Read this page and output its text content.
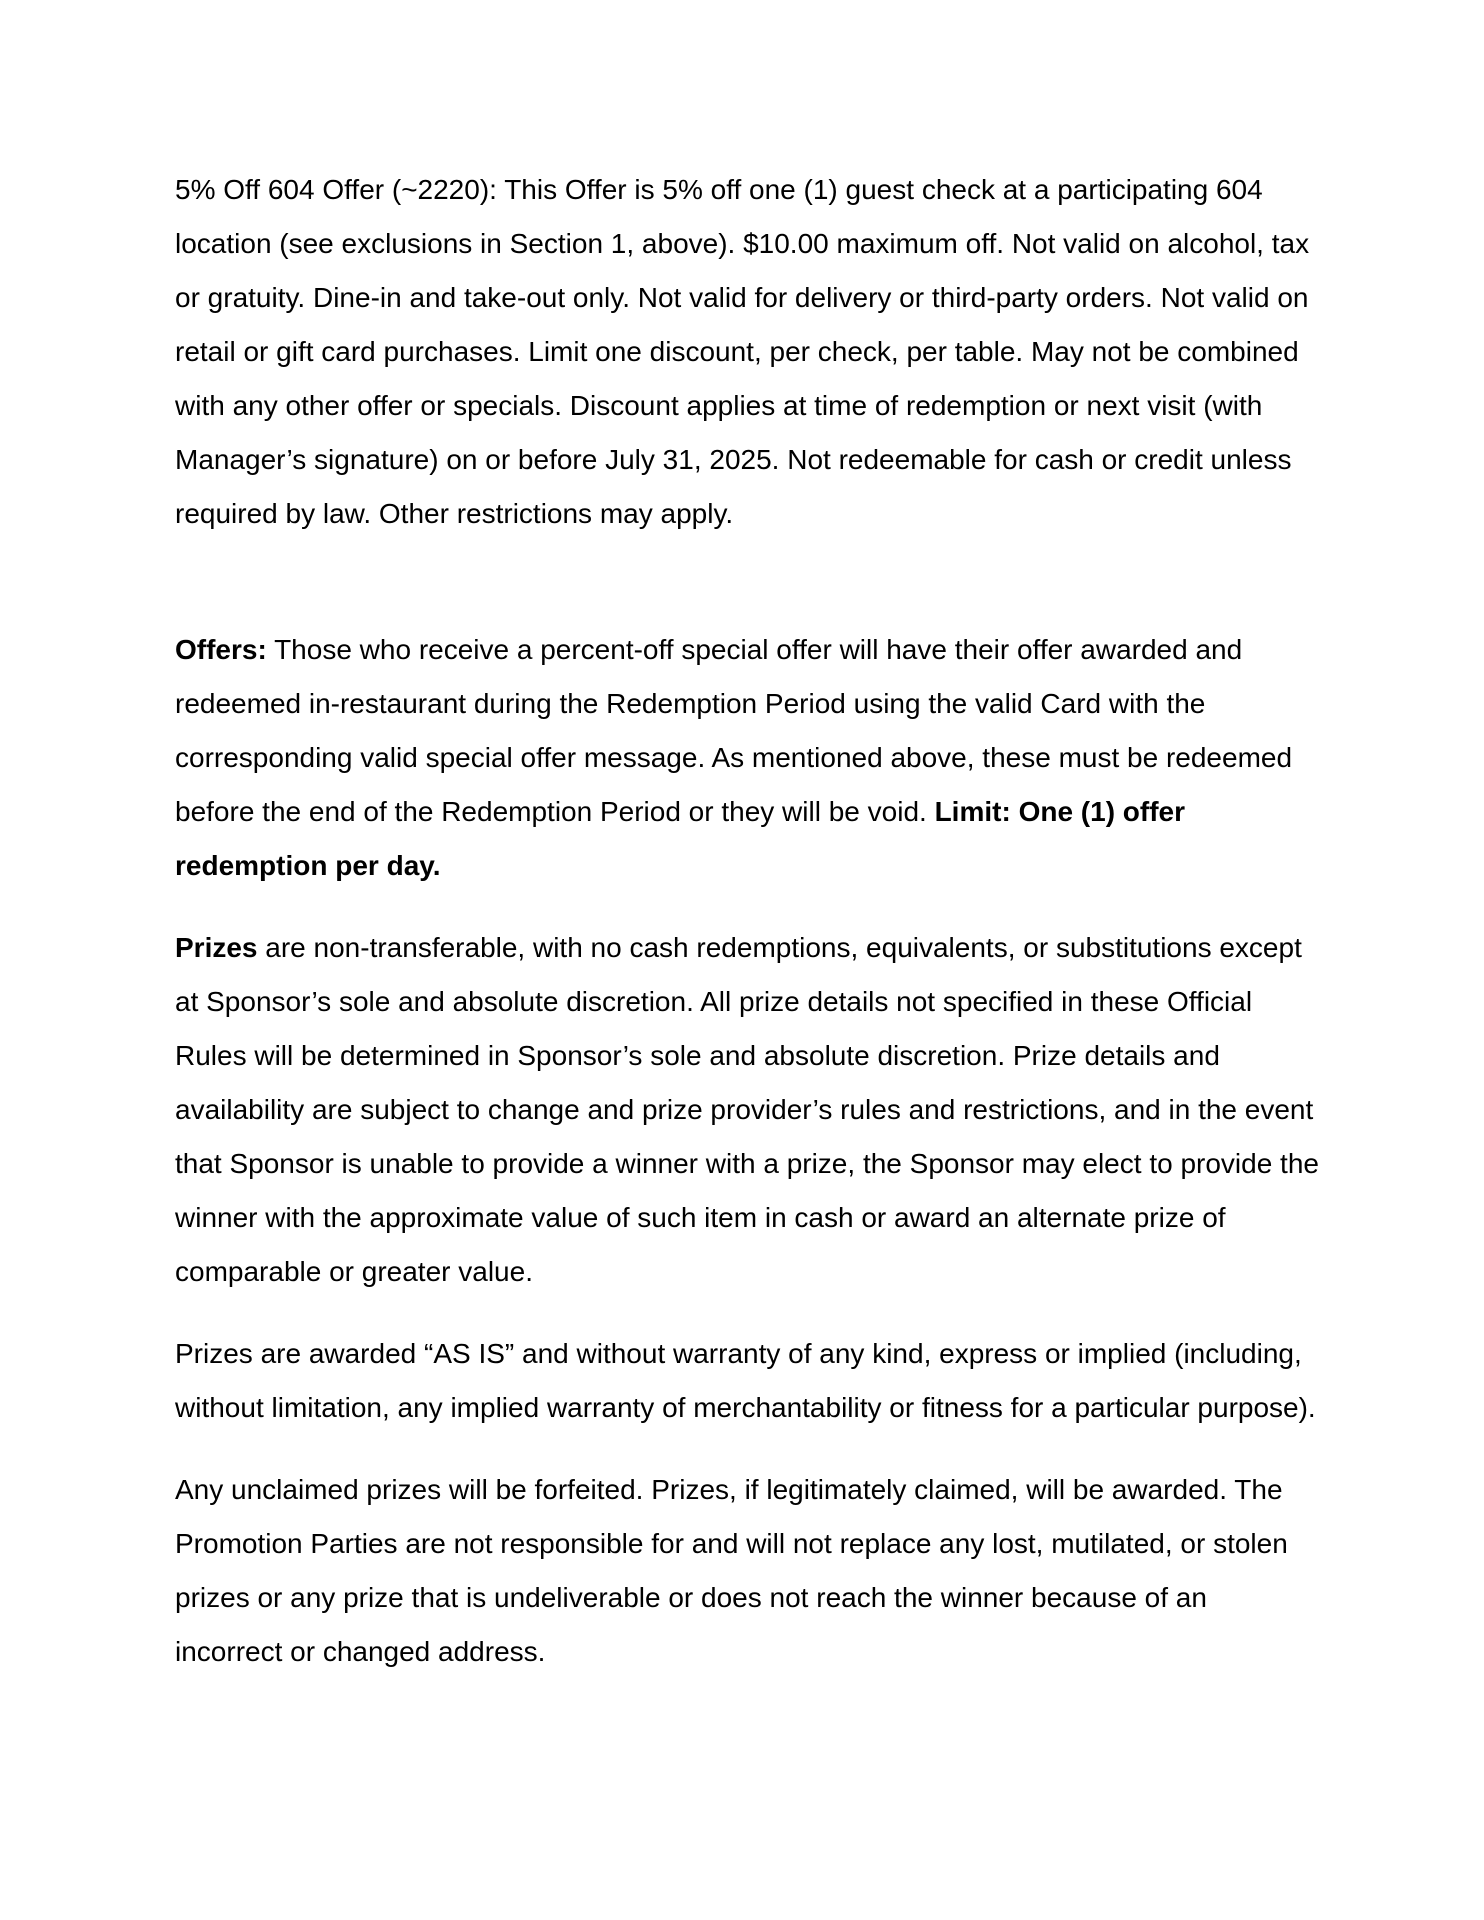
5% Off 604 Offer (~2220): This Offer is 5% off one (1) guest check at a participating 604 location (see exclusions in Section 1, above). $10.00 maximum off. Not valid on alcohol, tax or gratuity. Dine-in and take-out only. Not valid for delivery or third-party orders. Not valid on retail or gift card purchases. Limit one discount, per check, per table. May not be combined with any other offer or specials. Discount applies at time of redemption or next visit (with Manager’s signature) on or before July 31, 2025. Not redeemable for cash or credit unless required by law. Other restrictions may apply.

Offers: Those who receive a percent-off special offer will have their offer awarded and redeemed in-restaurant during the Redemption Period using the valid Card with the corresponding valid special offer message. As mentioned above, these must be redeemed before the end of the Redemption Period or they will be void. Limit: One (1) offer redemption per day.

Prizes are non-transferable, with no cash redemptions, equivalents, or substitutions except at Sponsor’s sole and absolute discretion. All prize details not specified in these Official Rules will be determined in Sponsor’s sole and absolute discretion. Prize details and availability are subject to change and prize provider’s rules and restrictions, and in the event that Sponsor is unable to provide a winner with a prize, the Sponsor may elect to provide the winner with the approximate value of such item in cash or award an alternate prize of comparable or greater value.

Prizes are awarded “AS IS” and without warranty of any kind, express or implied (including, without limitation, any implied warranty of merchantability or fitness for a particular purpose).

Any unclaimed prizes will be forfeited. Prizes, if legitimately claimed, will be awarded. The Promotion Parties are not responsible for and will not replace any lost, mutilated, or stolen prizes or any prize that is undeliverable or does not reach the winner because of an incorrect or changed address.
